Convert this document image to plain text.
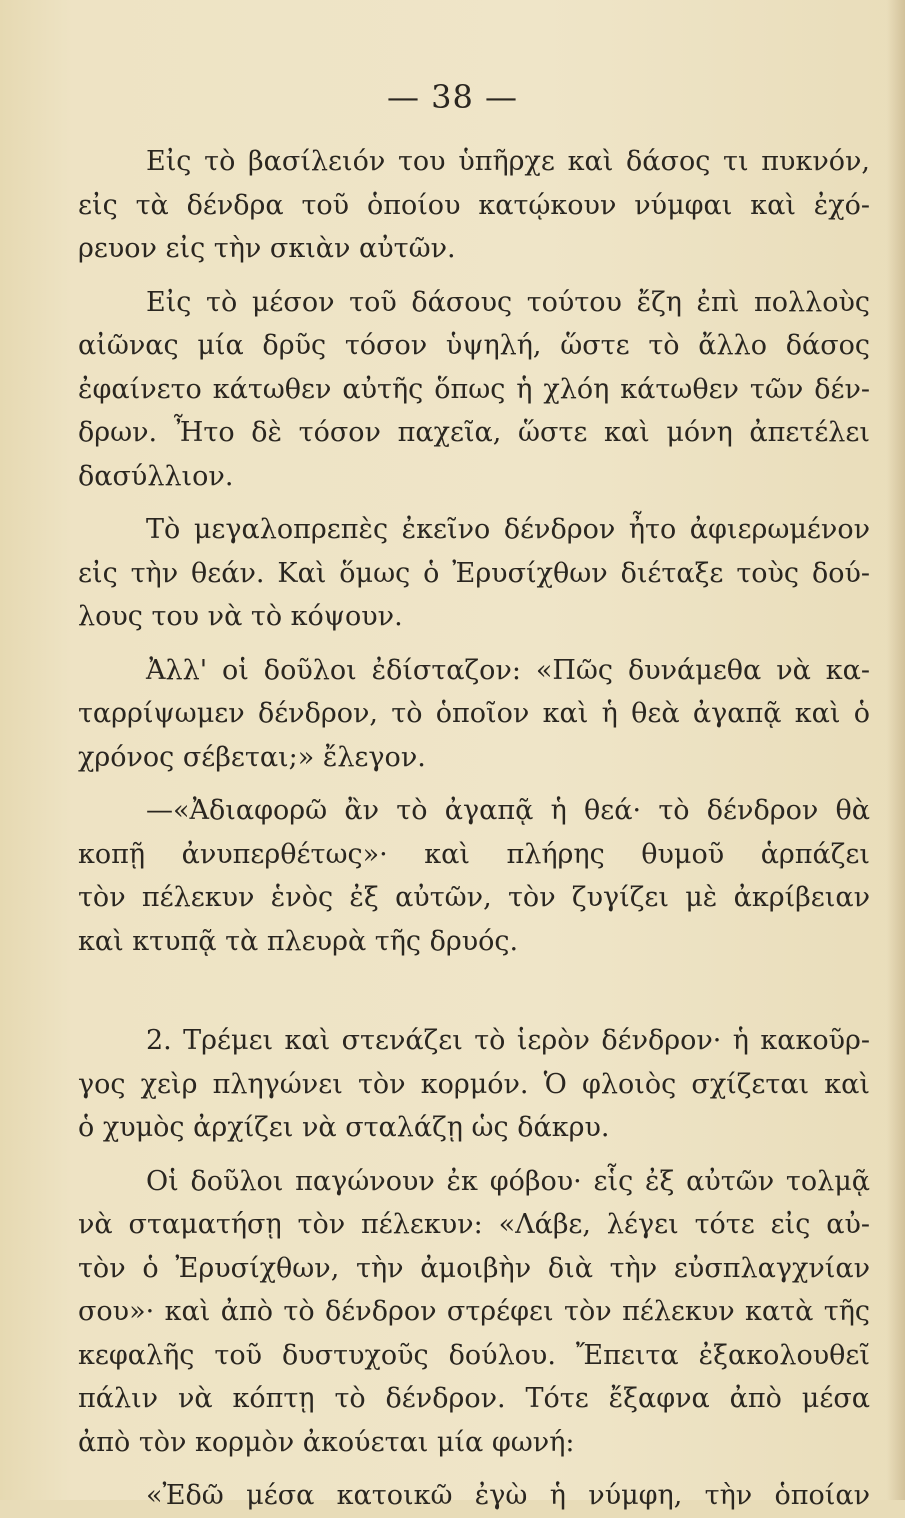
— 38 —
Εἰς τὸ βασίλειόν του ὑπῆρχε καὶ δάσος τι πυκνόν,
εἰς τὰ δένδρα τοῦ ὁποίου κατῴκουν νύμφαι καὶ ἐχό-
ρευον εἰς τὴν σκιὰν αὐτῶν.
Εἰς τὸ μέσον τοῦ δάσους τούτου ἔζη ἐπὶ πολλοὺς
αἰῶνας μία δρῦς τόσον ὑψηλή, ὥστε τὸ ἄλλο δάσος
ἐφαίνετο κάτωθεν αὐτῆς ὅπως ἡ χλόη κάτωθεν τῶν δέν-
δρων. Ἦτο δὲ τόσον παχεῖα, ὥστε καὶ μόνη ἀπετέλει
δασύλλιον.
Τὸ μεγαλοπρεπὲς ἐκεῖνο δένδρον ἦτο ἀφιερωμένον
εἰς τὴν θεάν. Καὶ ὅμως ὁ Ἐρυσίχθων διέταξε τοὺς δού-
λους του νὰ τὸ κόψουν.
Ἀλλ' οἱ δοῦλοι ἐδίσταζον: «Πῶς δυνάμεθα νὰ κα-
ταρρίψωμεν δένδρον, τὸ ὁποῖον καὶ ἡ θεὰ ἀγαπᾷ καὶ ὁ
χρόνος σέβεται;» ἔλεγον.
—«Ἀδιαφορῶ ἂν τὸ ἀγαπᾷ ἡ θεά· τὸ δένδρον θὰ
κοπῇ ἀνυπερθέτως»· καὶ πλήρης θυμοῦ ἁρπάζει
τὸν πέλεκυν ἑνὸς ἐξ αὐτῶν, τὸν ζυγίζει μὲ ἀκρίβειαν
καὶ κτυπᾷ τὰ πλευρὰ τῆς δρυός.
2. Τρέμει καὶ στενάζει τὸ ἱερὸν δένδρον· ἡ κακοῦρ-
γος χεὶρ πληγώνει τὸν κορμόν. Ὁ φλοιὸς σχίζεται καὶ
ὁ χυμὸς ἀρχίζει νὰ σταλάζῃ ὡς δάκρυ.
Οἱ δοῦλοι παγώνουν ἐκ φόβου· εἷς ἐξ αὐτῶν τολμᾷ
νὰ σταματήσῃ τὸν πέλεκυν: «Λάβε, λέγει τότε εἰς αὐ-
τὸν ὁ Ἐρυσίχθων, τὴν ἀμοιβὴν διὰ τὴν εὐσπλαγχνίαν
σου»· καὶ ἀπὸ τὸ δένδρον στρέφει τὸν πέλεκυν κατὰ τῆς
κεφαλῆς τοῦ δυστυχοῦς δούλου. Ἔπειτα ἐξακολουθεῖ
πάλιν νὰ κόπτῃ τὸ δένδρον. Τότε ἔξαφνα ἀπὸ μέσα
ἀπὸ τὸν κορμὸν ἀκούεται μία φωνή:
«Ἐδῶ μέσα κατοικῶ ἐγὼ ἡ νύμφη, τὴν ὁποίαν
